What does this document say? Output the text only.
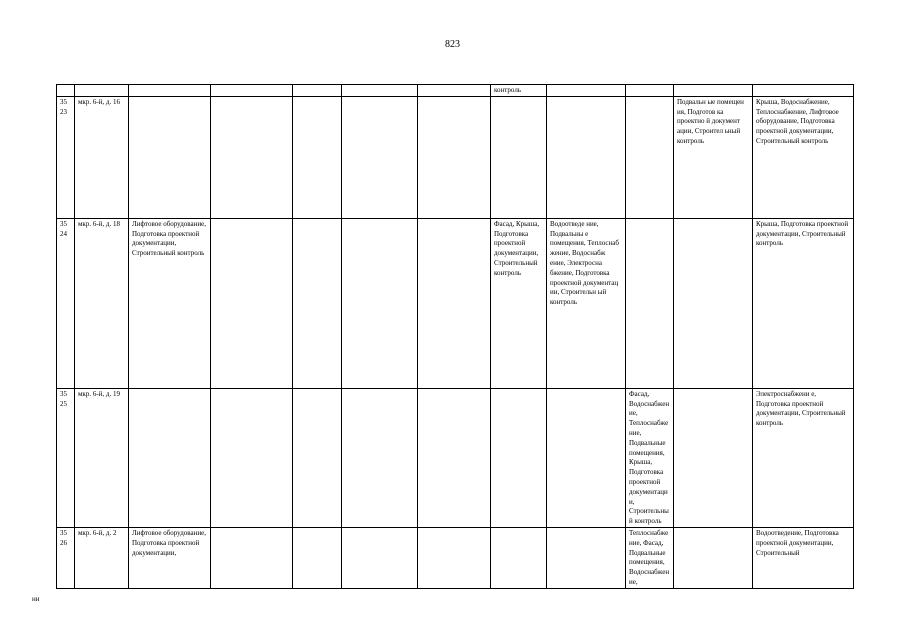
823
							контроль				

35
23	мкр. 6-й, д. 16									Подвальн ые помещен ия, Подготов ка проектно й документ ации, Строител ьный контроль	Крыша, Водоснабжение, Теплоснабжение, Лифтовое оборудование, Подготовка проектной документации, Строительный контроль

35
24	мкр. 6-й, д. 18	Лифтовое оборудование, Подготовка проектной документации, Строительный контроль					Фасад, Крыша, Подготовка проектной документации, Строительный контроль	Водоотведе ние, Подвальны е помещения, Теплоснаб жение, Водоснабж ение, Электросна бжение, Подготовка проектной документац ии, Строительн ый контроль			Крыша, Подготовка проектной документации, Строительный контроль

35
25	мкр. 6-й, д. 19								Фасад, Водоснабжение, Теплоснабжение, Подвальные помещения, Крыша, Подготовка проектной документации, Строительный контроль		Электроснабжени е, Подготовка проектной документации, Строительный контроль

35
26	мкр. 6-й, д. 2	Лифтовое оборудование, Подготовка проектной документации,							Теплоснабжение, Фасад, Подвальные помещения, Водоснабжение,		Водоотведение, Подготовка проектной документации, Строительный
ни
